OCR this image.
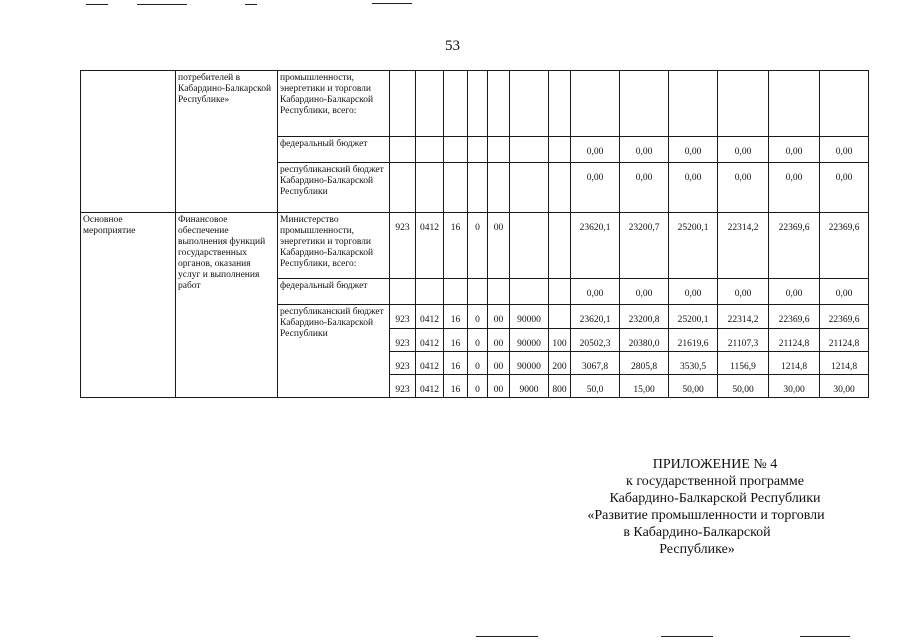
53
	потребителей в Кабардино-Балкарской Республике»	промышленности, энергетики и торговли Кабардино-Балкарской Республики, всего:													
		федеральный бюджет								0,00	0,00	0,00	0,00	0,00	0,00
		республиканский бюджет Кабардино-Балкарской Республики								0,00	0,00	0,00	0,00	0,00	0,00
Основное мероприятие	Финансовое обеспечение выполнения функций государственных органов, оказания услуг и выполнения работ	Министерство промышленности, энергетики и торговли Кабардино-Балкарской Республики, всего:	923	0412	16	0	00			23620,1	23200,7	25200,1	22314,2	22369,6	22369,6
		федеральный бюджет								0,00	0,00	0,00	0,00	0,00	0,00
		республиканский бюджет Кабардино-Балкарской Республики	923	0412	16	0	00	90000		23620,1	23200,8	25200,1	22314,2	22369,6	22369,6
			923	0412	16	0	00	90000	100	20502,3	20380,0	21619,6	21107,3	21124,8	21124,8
			923	0412	16	0	00	90000	200	3067,8	2805,8	3530,5	1156,9	1214,8	1214,8
			923	0412	16	0	00	9000	800	50,0	15,00	50,00	50,00	30,00	30,00
ПРИЛОЖЕНИЕ № 4
к государственной программе
Кабардино-Балкарской Республики
«Развитие промышленности и торговли
в Кабардино-Балкарской
Республике»
